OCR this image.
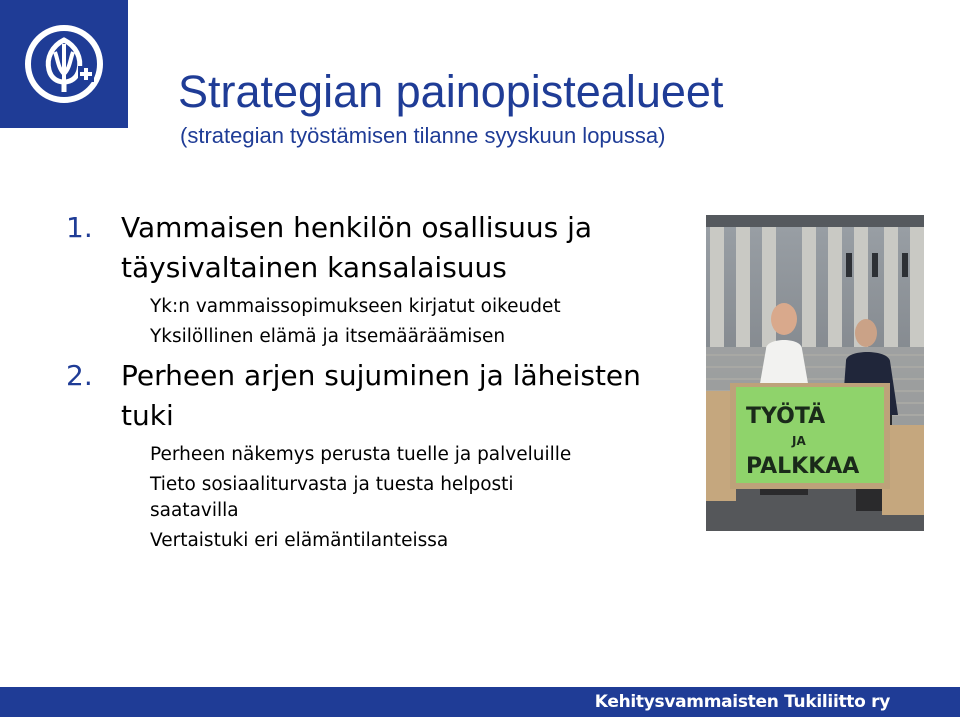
Strategian painopistealueet
(strategian työstämisen tilanne syyskuun lopussa)
1. Vammaisen henkilön osallisuus ja täysivaltainen kansalaisuus
Yk:n vammaissopimukseen kirjatut oikeudet
Yksilöllinen elämä ja itsemääräämisen
2. Perheen arjen sujuminen ja läheisten tuki
Perheen näkemys perusta tuelle ja palveluille
Tieto sosiaaliturvasta ja tuesta helposti saatavilla
Vertaistuki eri elämäntilanteissa
TYÖTÄ
JA
PALKKAA
Kehitysvammaisten Tukiliitto ry
